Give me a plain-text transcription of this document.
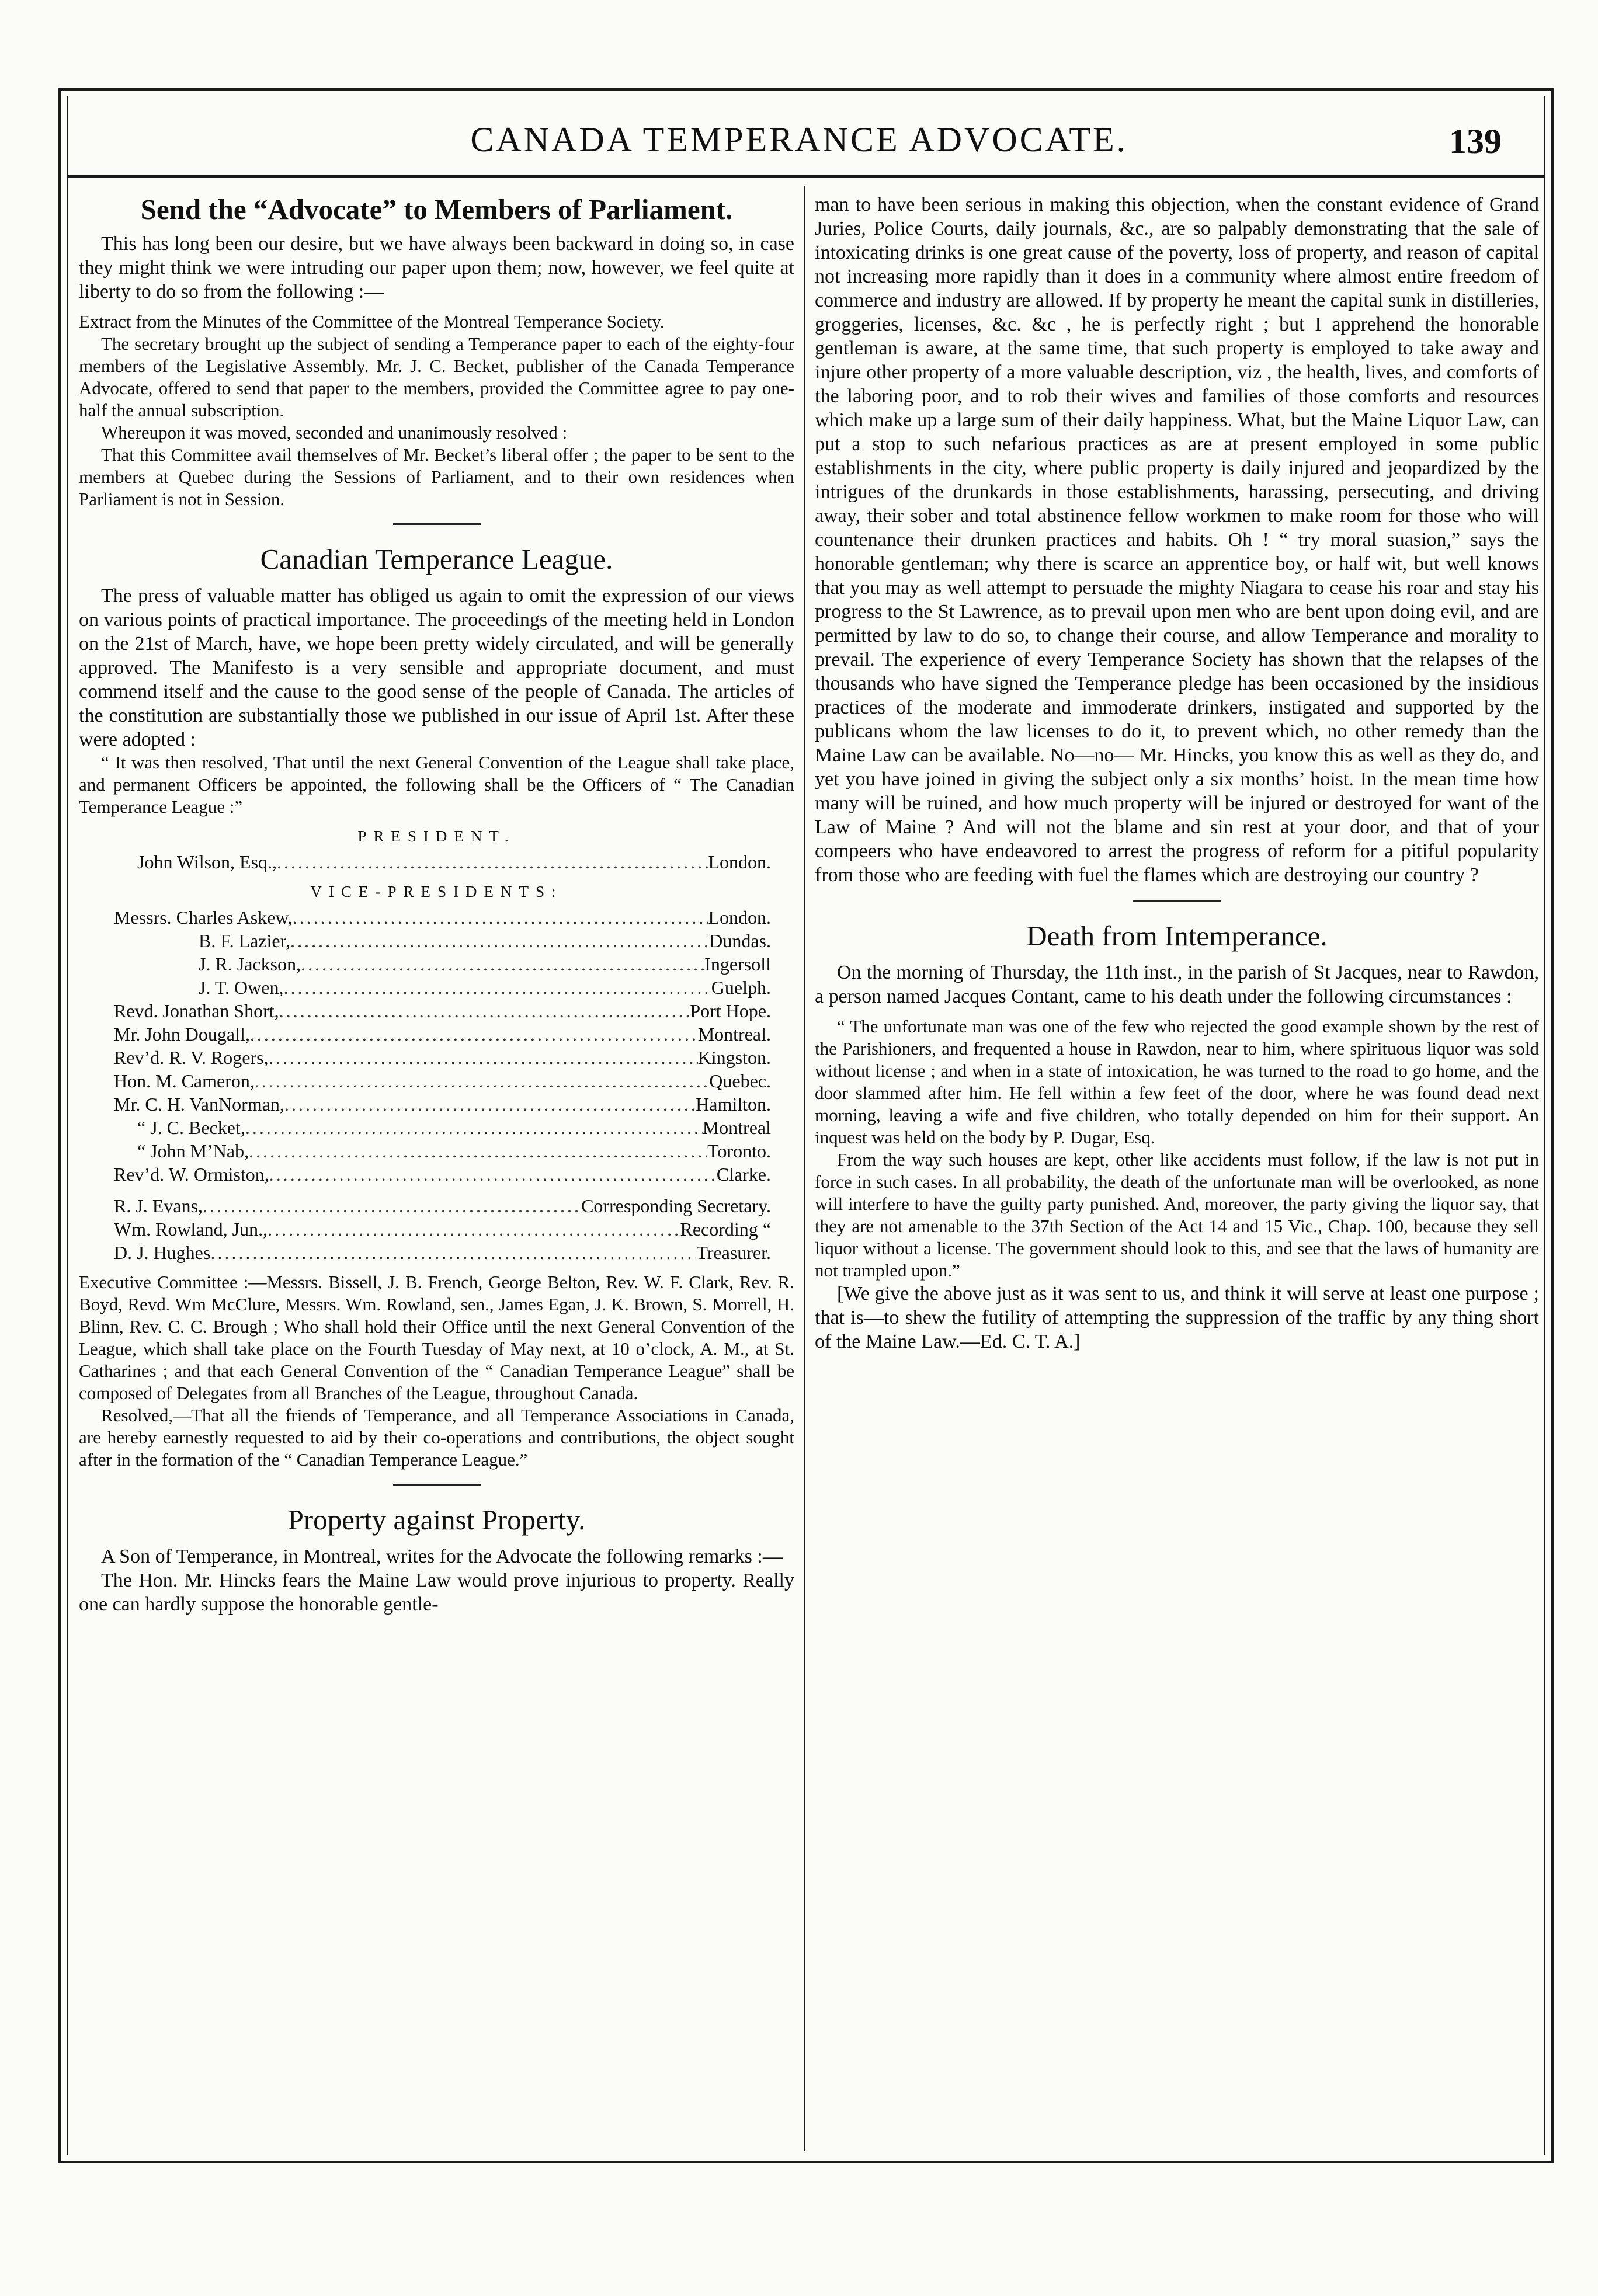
CANADA TEMPERANCE ADVOCATE.	139
Send the “Advocate” to Members of Parliament.

This has long been our desire, but we have always been backward in doing so, in case they might think we were intruding our paper upon them; now, however, we feel quite at liberty to do so from the following :—

Extract from the Minutes of the Committee of the Montreal Temperance Society.

The secretary brought up the subject of sending a Temperance paper to each of the eighty-four members of the Legislative Assembly. Mr. J. C. Becket, publisher of the Canada Temperance Advocate, offered to send that paper to the members, provided the Committee agree to pay one-half the annual subscription.

Whereupon it was moved, seconded and unanimously resolved :

That this Committee avail themselves of Mr. Becket’s liberal offer ; the paper to be sent to the members at Quebec during the Sessions of Parliament, and to their own residences when Parliament is not in Session.

Canadian Temperance League.

The press of valuable matter has obliged us again to omit the expression of our views on various points of practical importance. The proceedings of the meeting held in London on the 21st of March, have, we hope been pretty widely circulated, and will be generally approved. The Manifesto is a very sensible and appropriate document, and must commend itself and the cause to the good sense of the people of Canada. The articles of the constitution are substantially those we published in our issue of April 1st. After these were adopted :

“ It was then resolved, That until the next General Convention of the League shall take place, and permanent Officers be appointed, the following shall be the Officers of “ The Canadian Temperance League :”

PRESIDENT.
John Wilson, Esq., .....	London.
VICE-PRESIDENTS:
Messrs. Charles Askew, .....	London.
B. F. Lazier, .....	Dundas.
J. R. Jackson, .....	Ingersoll
J. T. Owen, .....	Guelph.
Revd. Jonathan Short, .....	Port Hope.
Mr. John Dougall, .....	Montreal.
Rev’d. R. V. Rogers, .....	Kingston.
Hon. M. Cameron, .....	Quebec.
Mr. C. H. VanNorman, .....	Hamilton.
“ J. C. Becket, .....	Montreal
“ John M’Nab, .....	Toronto.
Rev’d. W. Ormiston, .....	Clarke.
R. J. Evans, .....	Corresponding Secretary.
Wm. Rowland, Jun., .....	Recording “
D. J. Hughes .....	Treasurer.

Executive Committee :—Messrs. Bissell, J. B. French, George Belton, Rev. W. F. Clark, Rev. R. Boyd, Revd. Wm McClure, Messrs. Wm. Rowland, sen., James Egan, J. K. Brown, S. Morrell, H. Blinn, Rev. C. C. Brough ; Who shall hold their Office until the next General Convention of the League, which shall take place on the Fourth Tuesday of May next, at 10 o’clock, A. M., at St. Catharines ; and that each General Convention of the “ Canadian Temperance League” shall be composed of Delegates from all Branches of the League, throughout Canada.

Resolved,—That all the friends of Temperance, and all Temperance Associations in Canada, are hereby earnestly requested to aid by their co-operations and contributions, the object sought after in the formation of the “ Canadian Temperance League.”

Property against Property.

A Son of Temperance, in Montreal, writes for the Advocate the following remarks :—

The Hon. Mr. Hincks fears the Maine Law would prove injurious to property. Really one can hardly suppose the honorable gentle-

man to have been serious in making this objection, when the constant evidence of Grand Juries, Police Courts, daily journals, &c., are so palpably demonstrating that the sale of intoxicating drinks is one great cause of the poverty, loss of property, and reason of capital not increasing more rapidly than it does in a community where almost entire freedom of commerce and industry are allowed. If by property he meant the capital sunk in distilleries, groggeries, licenses, &c. &c , he is perfectly right ; but I apprehend the honorable gentleman is aware, at the same time, that such property is employed to take away and injure other property of a more valuable description, viz , the health, lives, and comforts of the laboring poor, and to rob their wives and families of those comforts and resources which make up a large sum of their daily happiness. What, but the Maine Liquor Law, can put a stop to such nefarious practices as are at present employed in some public establishments in the city, where public property is daily injured and jeopardized by the intrigues of the drunkards in those establishments, harassing, persecuting, and driving away, their sober and total abstinence fellow workmen to make room for those who will countenance their drunken practices and habits. Oh ! “ try moral suasion,” says the honorable gentleman; why there is scarce an apprentice boy, or half wit, but well knows that you may as well attempt to persuade the mighty Niagara to cease his roar and stay his progress to the St Lawrence, as to prevail upon men who are bent upon doing evil, and are permitted by law to do so, to change their course, and allow Temperance and morality to prevail. The experience of every Temperance Society has shown that the relapses of the thousands who have signed the Temperance pledge has been occasioned by the insidious practices of the moderate and immoderate drinkers, instigated and supported by the publicans whom the law licenses to do it, to prevent which, no other remedy than the Maine Law can be available. No—no— Mr. Hincks, you know this as well as they do, and yet you have joined in giving the subject only a six months’ hoist. In the mean time how many will be ruined, and how much property will be injured or destroyed for want of the Law of Maine ? And will not the blame and sin rest at your door, and that of your compeers who have endeavored to arrest the progress of reform for a pitiful popularity from those who are feeding with fuel the flames which are destroying our country ?

Death from Intemperance.

On the morning of Thursday, the 11th inst., in the parish of St Jacques, near to Rawdon, a person named Jacques Contant, came to his death under the following circumstances :

“ The unfortunate man was one of the few who rejected the good example shown by the rest of the Parishioners, and frequented a house in Rawdon, near to him, where spirituous liquor was sold without license ; and when in a state of intoxication, he was turned to the road to go home, and the door slammed after him. He fell within a few feet of the door, where he was found dead next morning, leaving a wife and five children, who totally depended on him for their support. An inquest was held on the body by P. Dugar, Esq.

From the way such houses are kept, other like accidents must follow, if the law is not put in force in such cases. In all probability, the death of the unfortunate man will be overlooked, as none will interfere to have the guilty party punished. And, moreover, the party giving the liquor say, that they are not amenable to the 37th Section of the Act 14 and 15 Vic., Chap. 100, because they sell liquor without a license. The government should look to this, and see that the laws of humanity are not trampled upon.”

[We give the above just as it was sent to us, and think it will serve at least one purpose ; that is—to shew the futility of attempting the suppression of the traffic by any thing short of the Maine Law.—Ed. C. T. A.]
